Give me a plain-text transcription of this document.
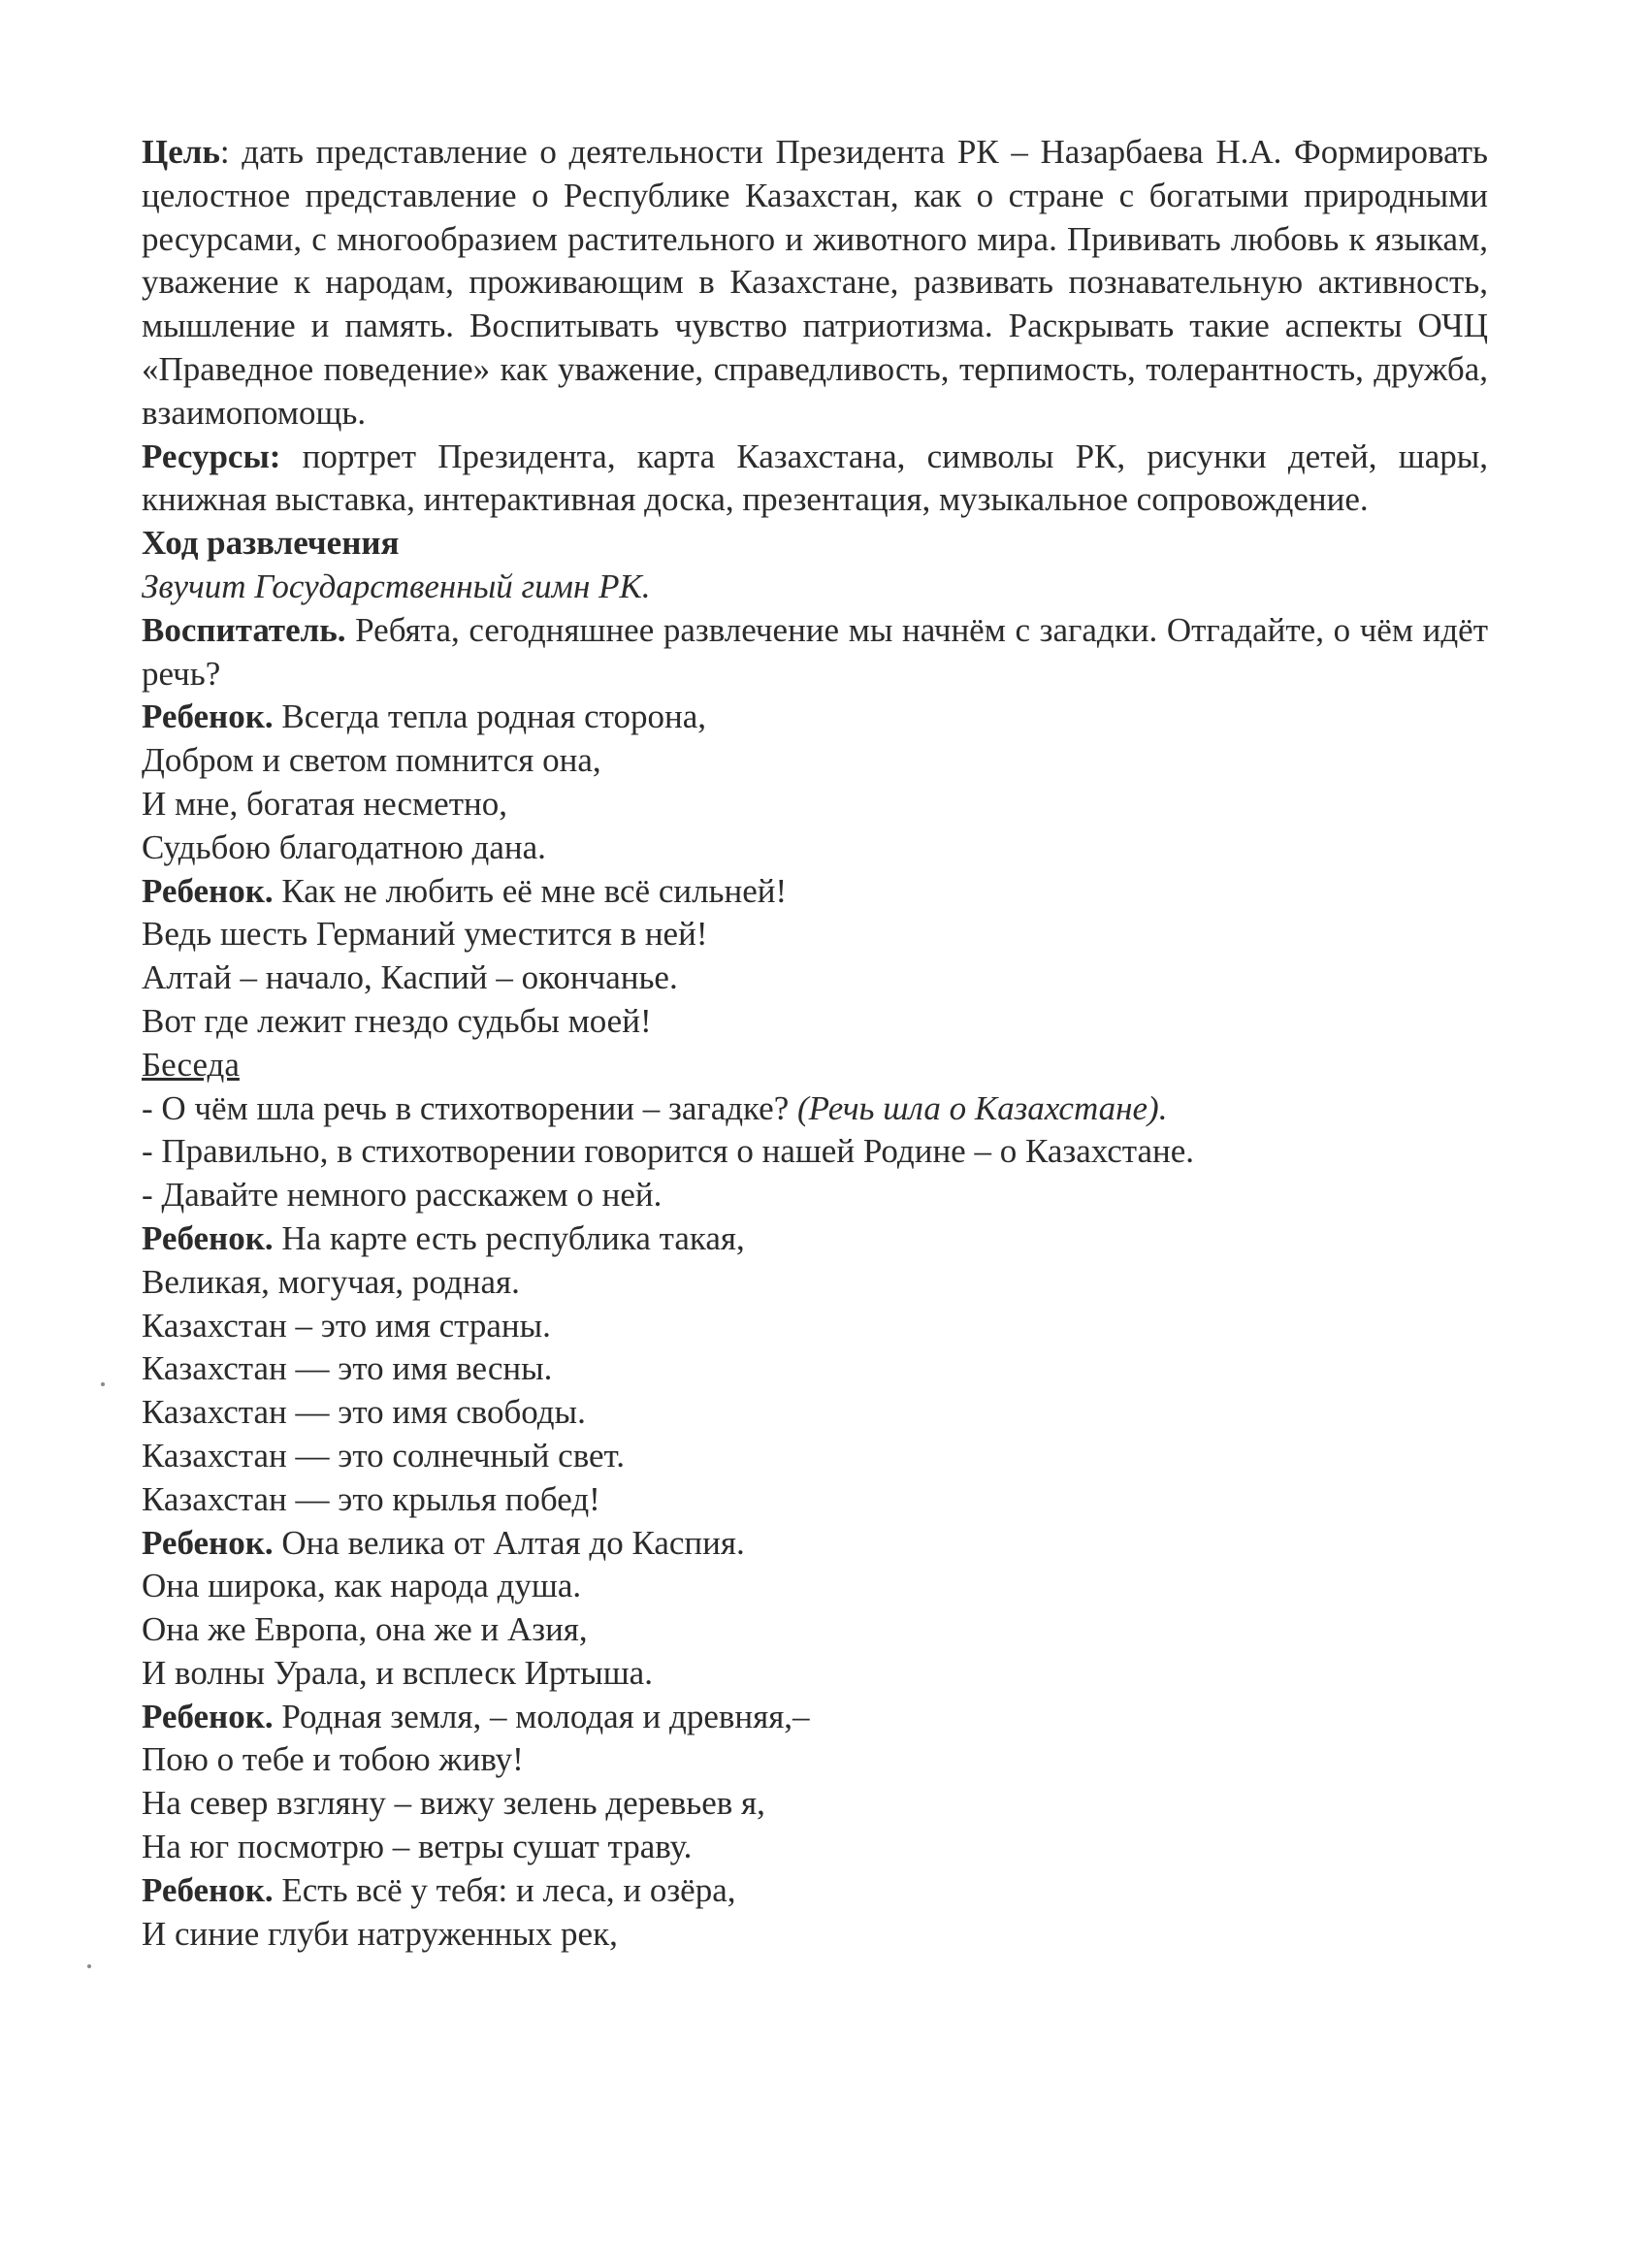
Цель: дать представление о деятельности Президента РК – Назарбаева Н.А. Формировать целостное представление о Республике Казахстан, как о стране с богатыми природными ресурсами, с многообразием растительного и животного мира. Прививать любовь к языкам, уважение к народам, проживающим в Казахстане, развивать познавательную активность, мышление и память. Воспитывать чувство патриотизма. Раскрывать такие аспекты ОЧЦ «Праведное поведение» как уважение, справедливость, терпимость, толерантность, дружба, взаимопомощь.

Ресурсы: портрет Президента, карта Казахстана, символы РК, рисунки детей, шары, книжная выставка, интерактивная доска, презентация, музыкальное сопровождение.

Ход развлечения

Звучит Государственный гимн РК.

Воспитатель. Ребята, сегодняшнее развлечение мы начнём с загадки. Отгадайте, о чём идёт речь?

Ребенок. Всегда тепла родная сторона,

Добром и светом помнится она,

И мне, богатая несметно,

Судьбою благодатною дана.

Ребенок. Как не любить её мне всё сильней!

Ведь шесть Германий уместится в ней!

Алтай – начало, Каспий – окончанье.

Вот где лежит гнездо судьбы моей!

Беседа

- О чём шла речь в стихотворении – загадке? (Речь шла о Казахстане).

- Правильно, в стихотворении говорится о нашей Родине – о Казахстане.

- Давайте немного расскажем о ней.

Ребенок. На карте есть республика такая,

Великая, могучая, родная.

Казахстан – это имя страны.

Казахстан — это имя весны.

Казахстан — это имя свободы.

Казахстан — это солнечный свет.

Казахстан — это крылья побед!

Ребенок. Она велика от Алтая до Каспия.

Она широка, как народа душа.

Она же Европа, она же и Азия,

И волны Урала, и всплеск Иртыша.

Ребенок. Родная земля, – молодая и древняя,–

Пою о тебе и тобою живу!

На север взгляну – вижу зелень деревьев я,

На юг посмотрю – ветры сушат траву.

Ребенок. Есть всё у тебя: и леса, и озёра,

И синие глуби натруженных рек,
